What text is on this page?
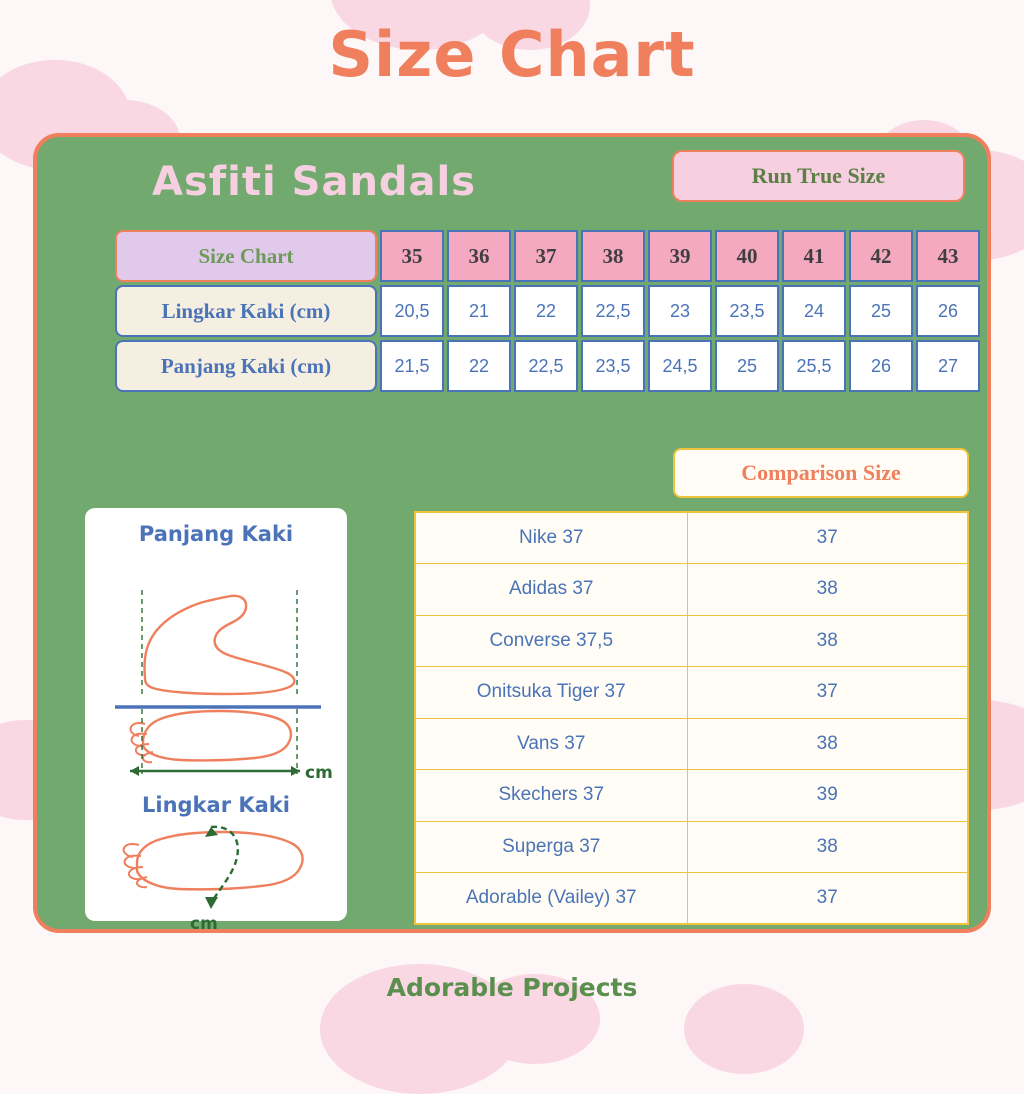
Size Chart
Asfiti Sandals	Run True Size
Size Chart	35	36	37	38	39	40	41	42	43
Lingkar Kaki (cm)	20,5	21	22	22,5	23	23,5	24	25	26
Panjang Kaki (cm)	21,5	22	22,5	23,5	24,5	25	25,5	26	27
Comparison Size
Nike 37	37
Adidas 37	38
Converse 37,5	38
Onitsuka Tiger 37	37
Vans 37	38
Skechers 37	39
Superga 37	38
Adorable (Vailey) 37	37
Panjang Kaki
cm
Lingkar Kaki
cm
Adorable Projects
